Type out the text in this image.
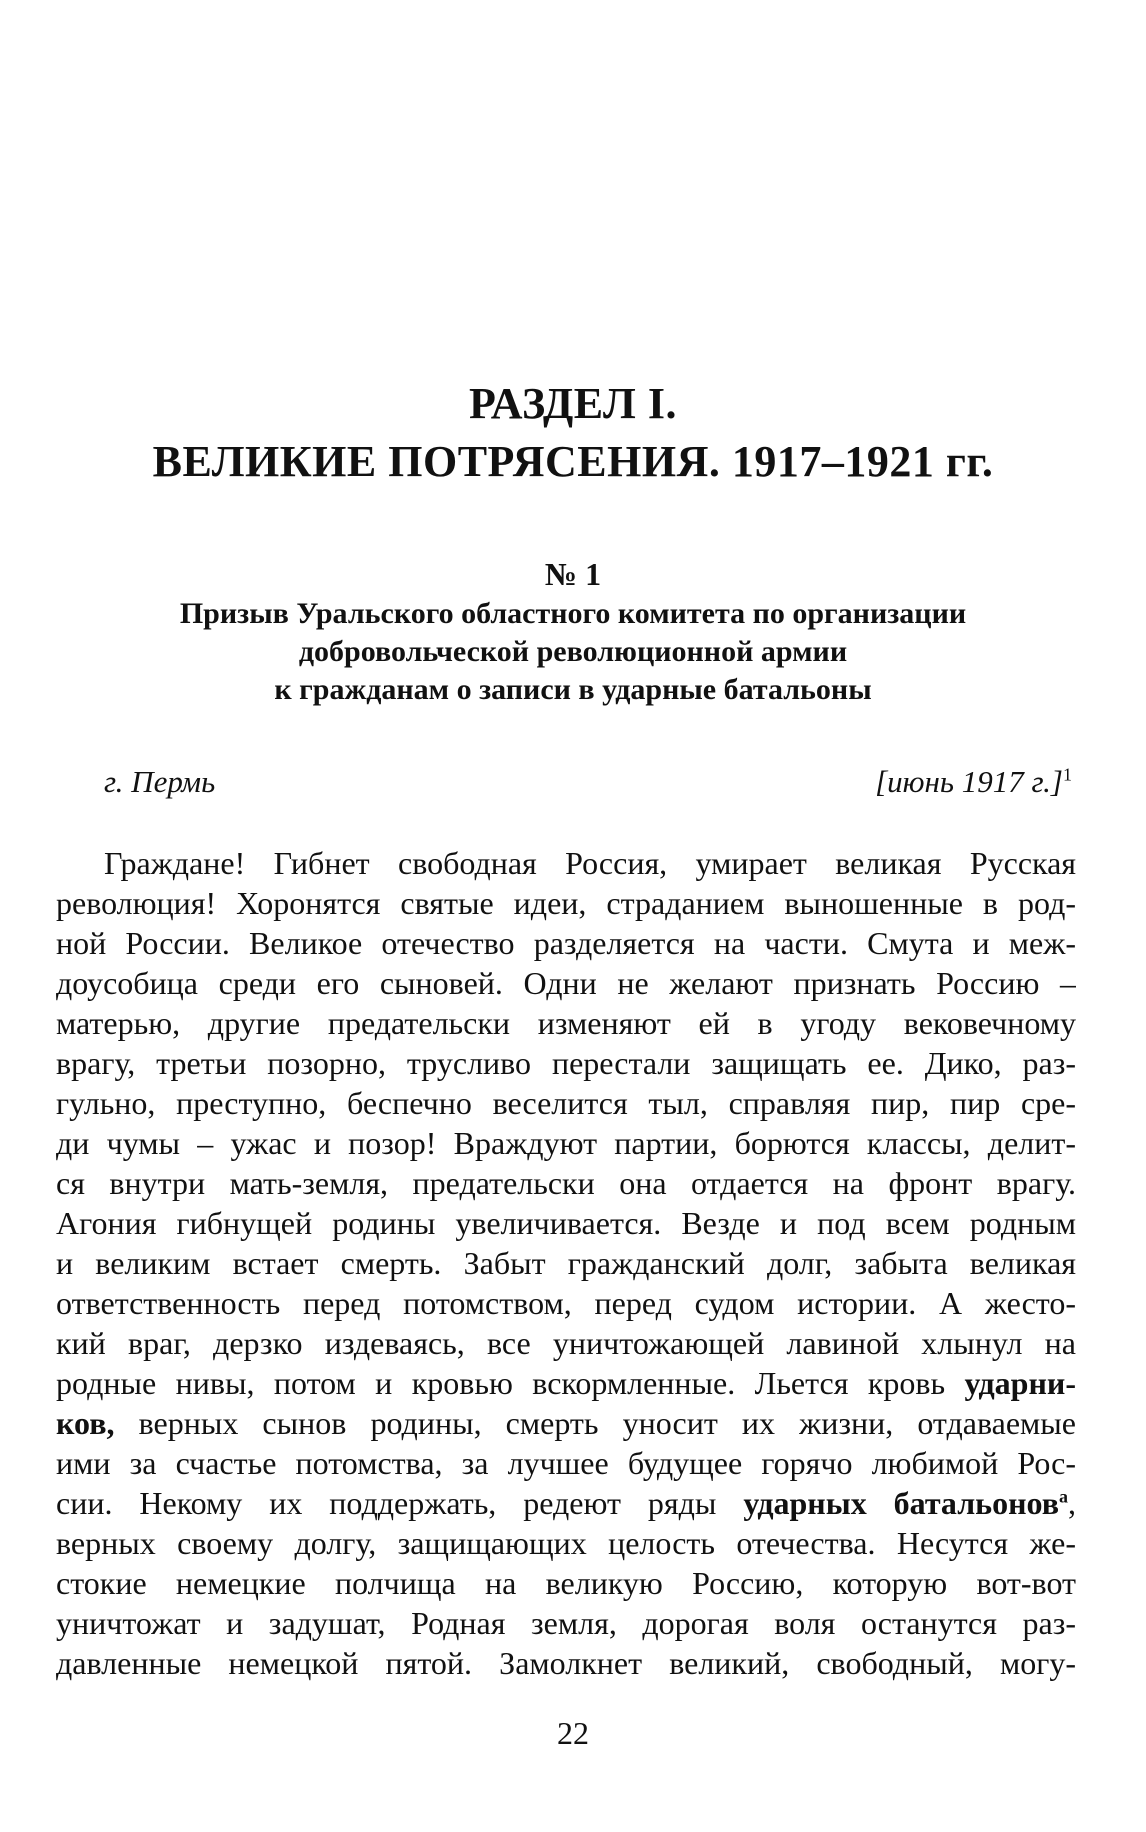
РАЗДЕЛ I.
ВЕЛИКИЕ ПОТРЯСЕНИЯ. 1917–1921 гг.
№ 1
Призыв Уральского областного комитета по организации
добровольческой революционной армии
к гражданам о записи в ударные батальоны
г. Пермь	[июнь 1917 г.]$^1$
Граждане! Гибнет свободная Россия, умирает великая Русская
революция! Хоронятся святые идеи, страданием выношенные в род-
ной России. Великое отечество разделяется на части. Смута и меж-
доусобица среди его сыновей. Одни не желают признать Россию –
матерью, другие предательски изменяют ей в угоду вековечному
врагу, третьи позорно, трусливо перестали защищать ее. Дико, раз-
гульно, преступно, беспечно веселится тыл, справляя пир, пир сре-
ди чумы – ужас и позор! Враждуют партии, борются классы, делит-
ся внутри мать-земля, предательски она отдается на фронт врагу.
Агония гибнущей родины увеличивается. Везде и под всем родным
и великим встает смерть. Забыт гражданский долг, забыта великая
ответственность перед потомством, перед судом истории. А жесто-
кий враг, дерзко издеваясь, все уничтожающей лавиной хлынул на
родные нивы, потом и кровью вскормленные. Льется кровь ударни-
ков, верных сынов родины, смерть уносит их жизни, отдаваемые
ими за счастье потомства, за лучшее будущее горячо любимой Рос-
сии. Некому их поддержать, редеют ряды ударных батальонов$^а$,
верных своему долгу, защищающих целость отечества. Несутся же-
стокие немецкие полчища на великую Россию, которую вот-вот
уничтожат и задушат, Родная земля, дорогая воля останутся раз-
давленные немецкой пятой. Замолкнет великий, свободный, могу-
22
